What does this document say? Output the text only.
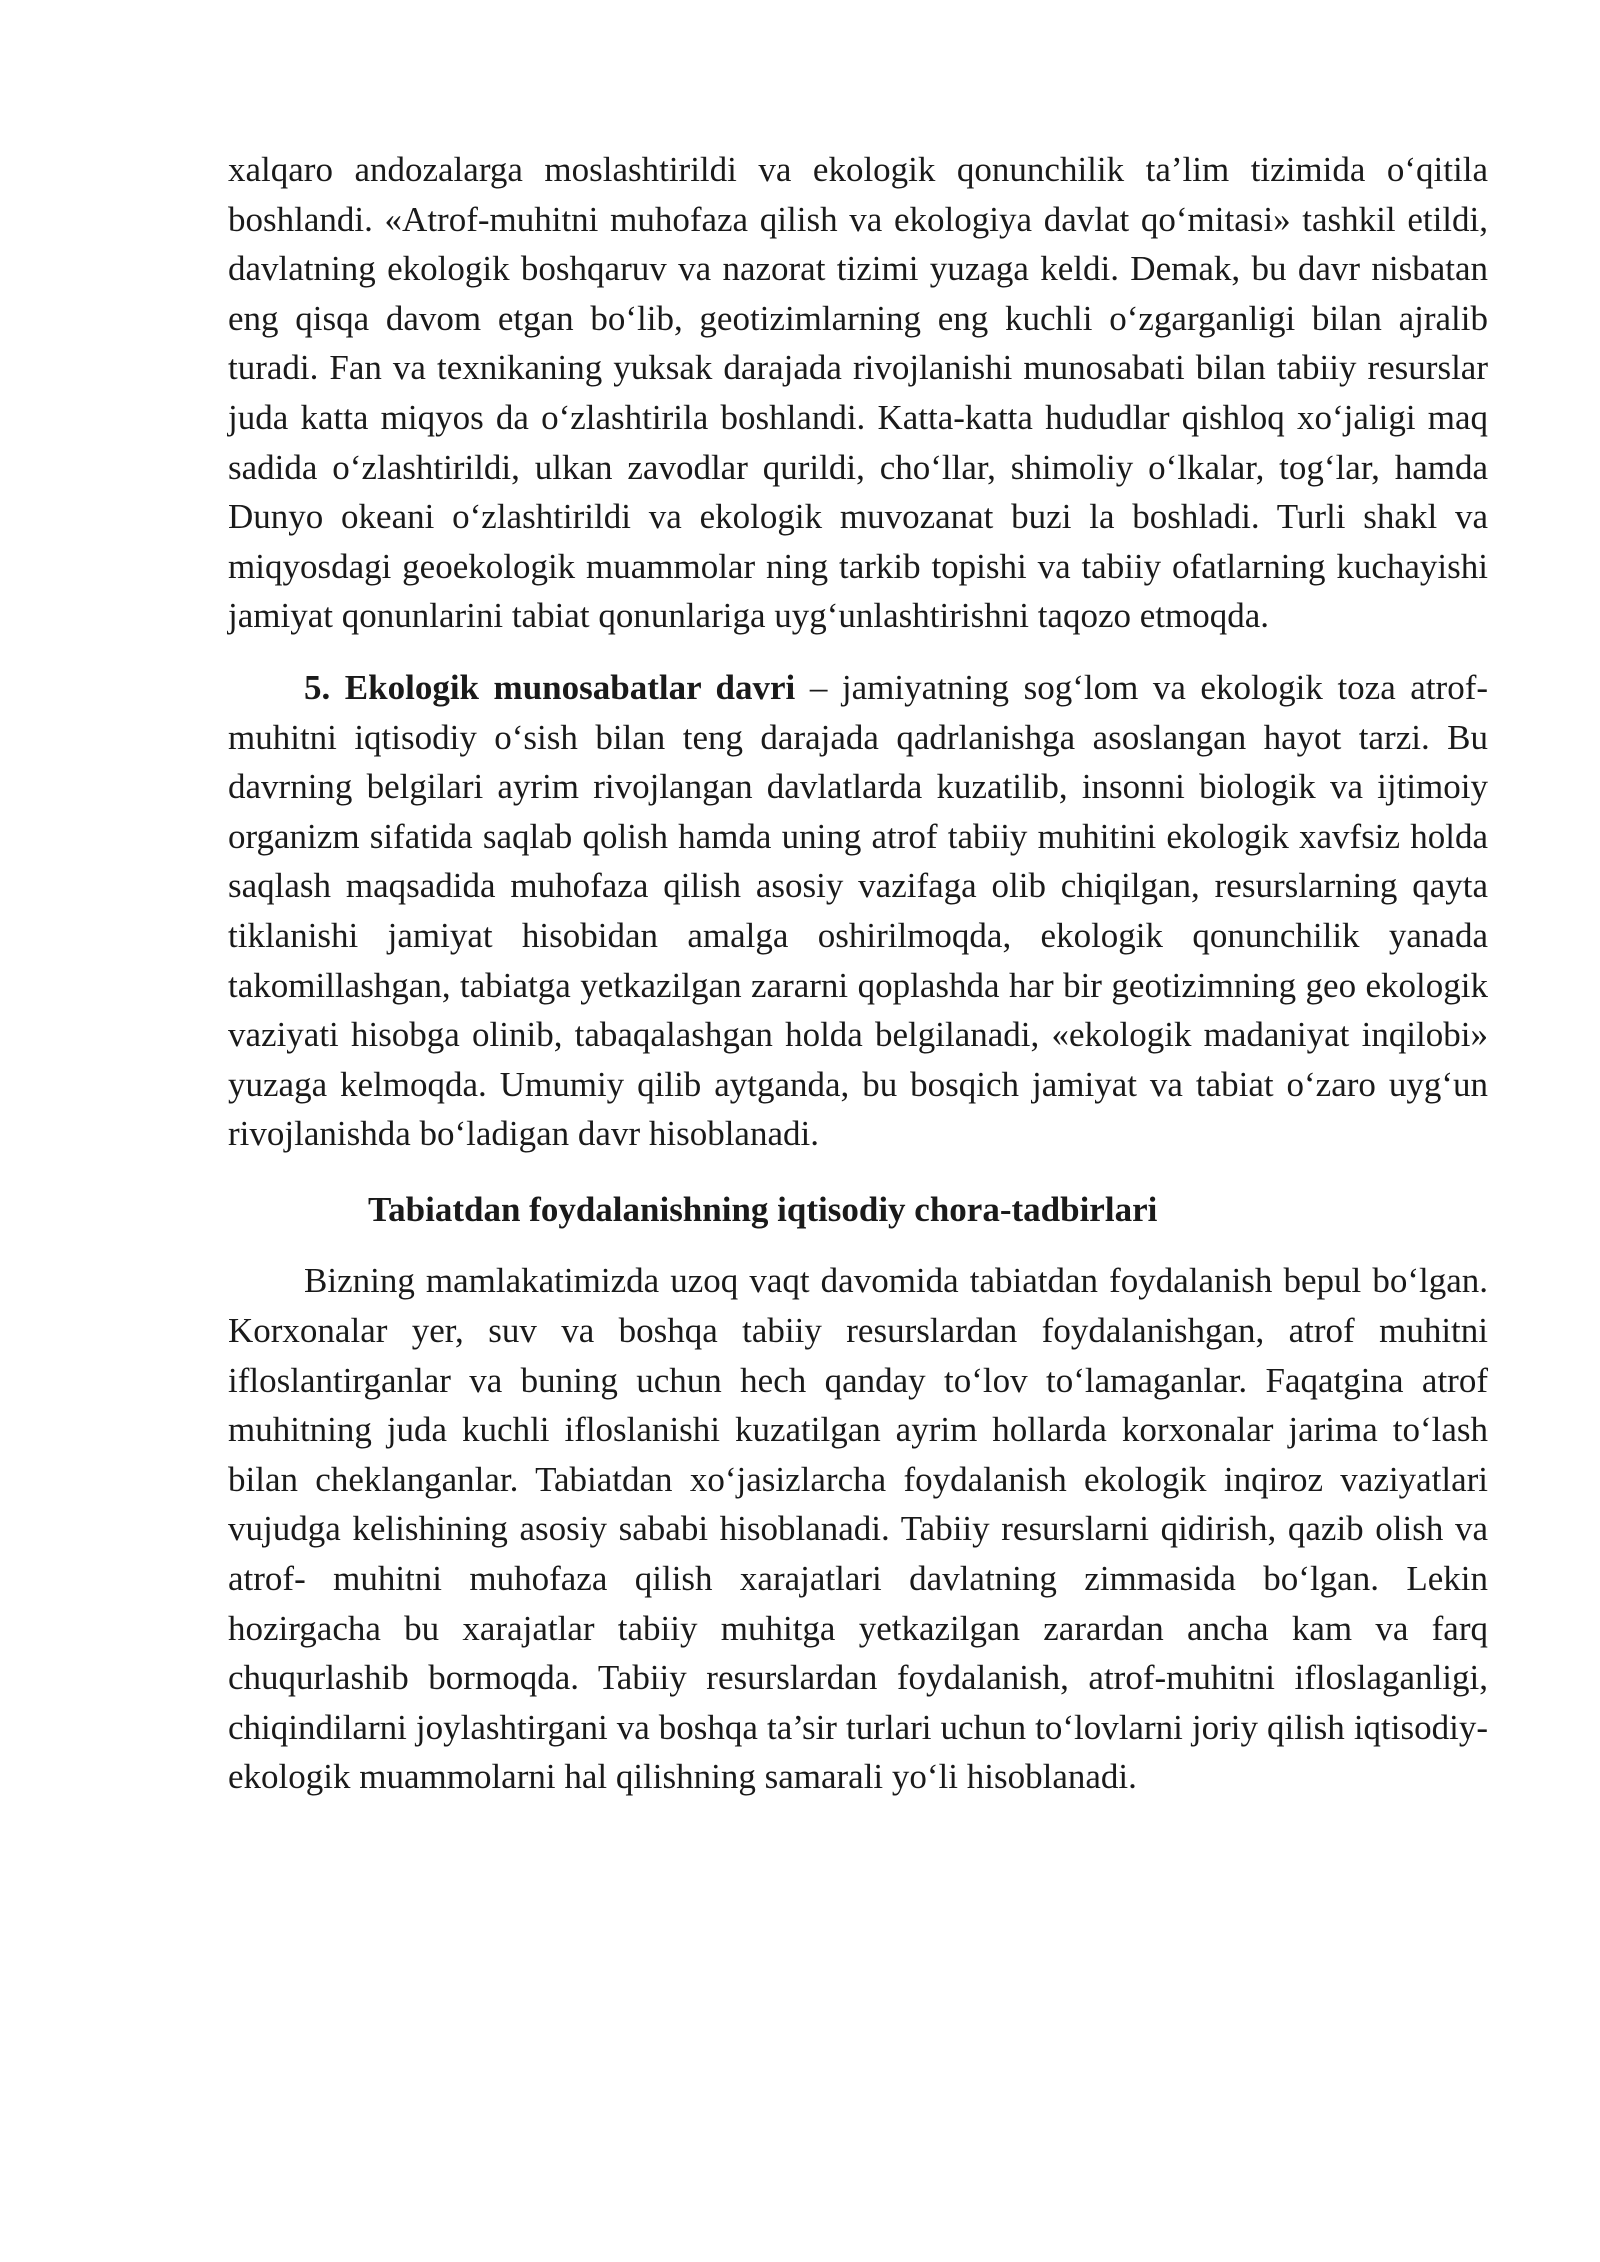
xalqaro andozalarga moslashtirildi va ekologik qonunchilik ta’lim tizimida o‘qitila boshlandi. «Atrof-muhitni muhofaza qilish va ekologiya davlat qo‘mitasi» tashkil etildi, davlatning ekologik boshqaruv va nazorat tizimi yuzaga keldi. Demak, bu davr nisbatan eng qisqa davom etgan bo‘lib, geotizimlarning eng kuchli o‘zgarganligi bilan ajralib turadi. Fan va texnikaning yuksak darajada rivojlanishi munosabati bilan tabiiy resurslar juda katta miqyos da o‘zlashtirila boshlandi. Katta-katta hududlar qishloq xo‘jaligi maq sadida o‘zlashtirildi, ulkan zavodlar qurildi, cho‘llar, shimoliy o‘lkalar, tog‘lar, hamda Dunyo okeani o‘zlashtirildi va ekologik muvozanat buzi la boshladi. Turli shakl va miqyosdagi geoekologik muammolar ning tarkib topishi va tabiiy ofatlarning kuchayishi jamiyat qonunlarini tabiat qonunlariga uyg‘unlashtirishni taqozo etmoqda.

5. Ekologik munosabatlar davri – jamiyatning sog‘lom va ekologik toza atrof-muhitni iqtisodiy o‘sish bilan teng darajada qadrlanishga asoslangan hayot tarzi. Bu davrning belgilari ayrim rivojlangan davlatlarda kuzatilib, insonni biologik va ijtimoiy organizm sifatida saqlab qolish hamda uning atrof tabiiy muhitini ekologik xavfsiz holda saqlash maqsadida muhofaza qilish asosiy vazifaga olib chiqilgan, resurslarning qayta tiklanishi jamiyat hisobidan amalga oshirilmoqda, ekologik qonunchilik yanada takomillashgan, tabiatga yetkazilgan zararni qoplashda har bir geotizimning geo ekologik vaziyati hisobga olinib, tabaqalashgan holda belgilanadi, «ekologik madaniyat inqilobi» yuzaga kelmoqda. Umumiy qilib aytganda, bu bosqich jamiyat va tabiat o‘zaro uyg‘un rivojlanishda bo‘ladigan davr hisoblanadi.

Tabiatdan foydalanishning iqtisodiy chora-tadbirlari

Bizning mamlakatimizda uzoq vaqt davomida tabiatdan foydalanish bepul bo‘lgan. Korxonalar yer, suv va boshqa tabiiy resurslardan foydalanishgan, atrof muhitni ifloslantirganlar va buning uchun hech qanday to‘lov to‘lamaganlar. Faqatgina atrof muhitning juda kuchli ifloslanishi kuzatilgan ayrim hollarda korxonalar jarima to‘lash bilan cheklanganlar. Tabiatdan xo‘jasizlarcha foydalanish ekologik inqiroz vaziyatlari vujudga kelishining asosiy sababi hisoblanadi. Tabiiy resurslarni qidirish, qazib olish va atrof- muhitni muhofaza qilish xarajatlari davlatning zimmasida bo‘lgan. Lekin hozirgacha bu xarajatlar tabiiy muhitga yetkazilgan zarardan ancha kam va farq chuqurlashib bormoqda. Tabiiy resurslardan foydalanish, atrof-muhitni ifloslaganligi, chiqindilarni joylashtirgani va boshqa ta’sir turlari uchun to‘lovlarni joriy qilish iqtisodiy-ekologik muammolarni hal qilishning samarali yo‘li hisoblanadi.
